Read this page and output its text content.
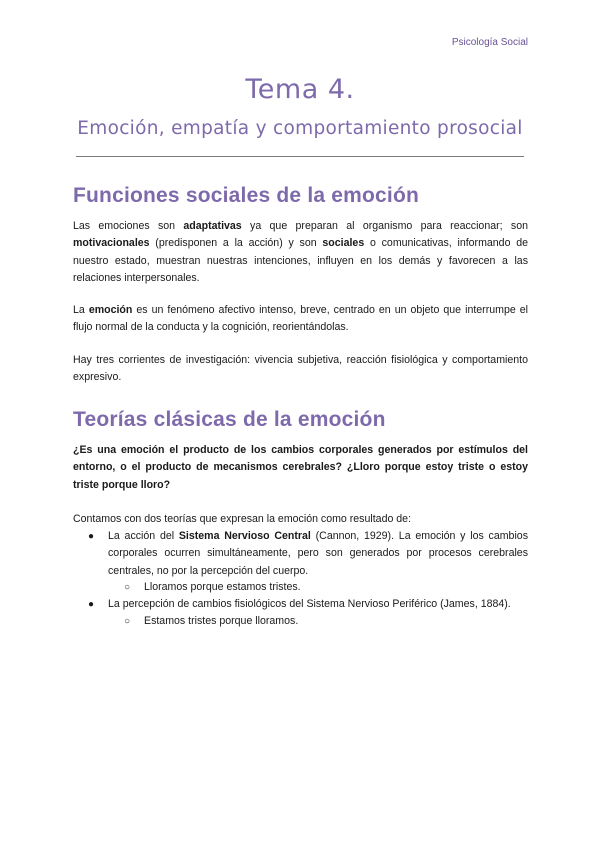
Psicología Social
Tema 4.
Emoción, empatía y comportamiento prosocial
Funciones sociales de la emoción
Las emociones son adaptativas ya que preparan al organismo para reaccionar; son motivacionales (predisponen a la acción) y son sociales o comunicativas, informando de nuestro estado, muestran nuestras intenciones, influyen en los demás y favorecen a las relaciones interpersonales.
La emoción es un fenómeno afectivo intenso, breve, centrado en un objeto que interrumpe el flujo normal de la conducta y la cognición, reorientándolas.
Hay tres corrientes de investigación: vivencia subjetiva, reacción fisiológica y comportamiento expresivo.
Teorías clásicas de la emoción
¿Es una emoción el producto de los cambios corporales generados por estímulos del entorno, o el producto de mecanismos cerebrales? ¿Lloro porque estoy triste o estoy triste porque lloro?
Contamos con dos teorías que expresan la emoción como resultado de:
● La acción del Sistema Nervioso Central (Cannon, 1929). La emoción y los cambios corporales ocurren simultáneamente, pero son generados por procesos cerebrales centrales, no por la percepción del cuerpo.
○ Lloramos porque estamos tristes.
● La percepción de cambios fisiológicos del Sistema Nervioso Periférico (James, 1884).
○ Estamos tristes porque lloramos.
